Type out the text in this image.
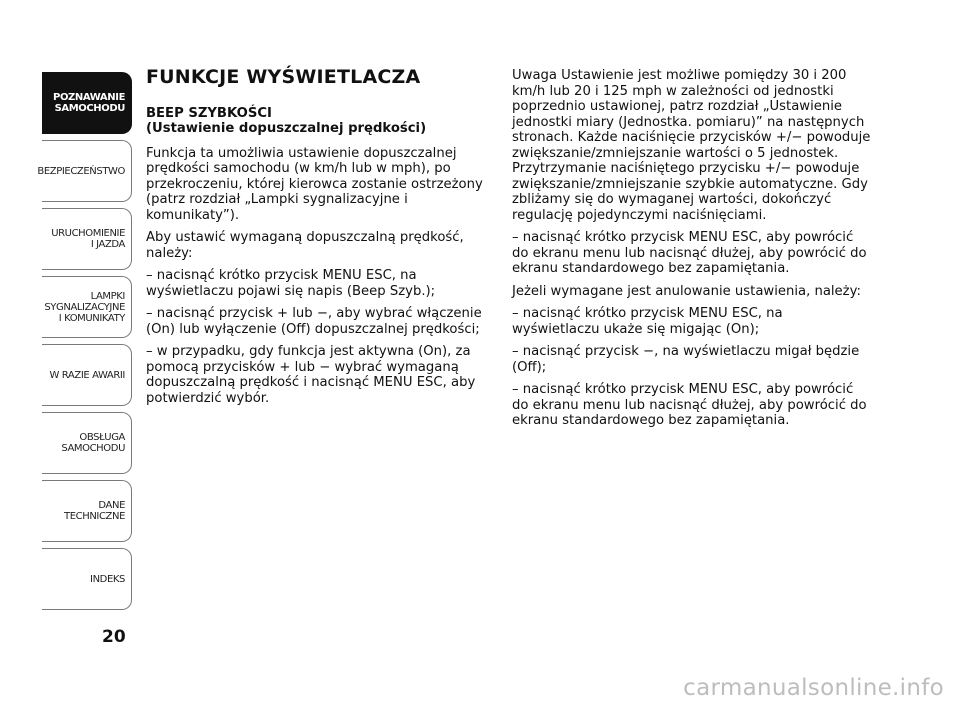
POZNAWANIE
SAMOCHODU
BEZPIECZEŃSTWO
URUCHOMIENIE
I JAZDA
LAMPKI
SYGNALIZACYJNE
I KOMUNIKATY
W RAZIE AWARII
OBSŁUGA
SAMOCHODU
DANE
TECHNICZNE
INDEKS
20
FUNKCJE WYŚWIETLACZA
BEEP SZYBKOŚCI
(Ustawienie dopuszczalnej prędkości)

Funkcja ta umożliwia ustawienie dopuszczalnej prędkości samochodu (w km/h lub w mph), po przekroczeniu, której kierowca zostanie ostrzeżony (patrz rozdział „Lampki sygnalizacyjne i komunikaty”).

Aby ustawić wymaganą dopuszczalną prędkość, należy:

– nacisnąć krótko przycisk MENU ESC, na wyświetlaczu pojawi się napis (Beep Szyb.);

– nacisnąć przycisk + lub −, aby wybrać włączenie (On) lub wyłączenie (Off) dopuszczalnej prędkości;

– w przypadku, gdy funkcja jest aktywna (On), za pomocą przycisków + lub − wybrać wymaganą dopuszczalną prędkość i nacisnąć MENU ESC, aby potwierdzić wybór.

Uwaga Ustawienie jest możliwe pomiędzy 30 i 200 km/h lub 20 i 125 mph w zależności od jednostki poprzednio ustawionej, patrz rozdział „Ustawienie jednostki miary (Jednostka. pomiaru)” na następnych stronach. Każde naciśnięcie przycisków +/− powoduje zwiększanie/zmniejszanie wartości o 5 jednostek. Przytrzymanie naciśniętego przycisku +/− powoduje zwiększanie/zmniejszanie szybkie automatyczne. Gdy zbliżamy się do wymaganej wartości, dokończyć regulację pojedynczymi naciśnięciami.

– nacisnąć krótko przycisk MENU ESC, aby powrócić do ekranu menu lub nacisnąć dłużej, aby powrócić do ekranu standardowego bez zapamiętania.

Jeżeli wymagane jest anulowanie ustawienia, należy:

– nacisnąć krótko przycisk MENU ESC, na wyświetlaczu ukaże się migając (On);

– nacisnąć przycisk −, na wyświetlaczu migał będzie (Off);

– nacisnąć krótko przycisk MENU ESC, aby powrócić do ekranu menu lub nacisnąć dłużej, aby powrócić do ekranu standardowego bez zapamiętania.

carmanualsonline.info
